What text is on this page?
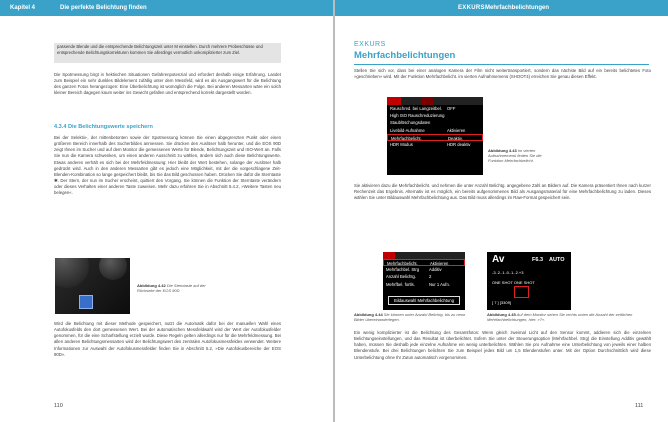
Kapitel 4	Die perfekte Belichtung finden
passende Blende und die entsprechende Belichtungszeit unter M einstellen. Durch mehrere Probeschüsse und entsprechende Belichtungskorrekturen kommen Sie allerdings vermutlich unkomplizierter zum Ziel.

Die Spotmessung birgt in hektischen Situationen Gefahrenpotenzial und erfordert deshalb einige Erfahrung. Landet zum Beispiel ein sehr dunkles Bildelement zufällig unter dem Messfeld, wird es als Ausgangswert für die Belichtung des ganzen Fotos herangezogen: Eine Überbelichtung ist womöglich die Folge. Bei anderen Messarten wäre ein solch kleiner Bereich dagegen kaum weiter ins Gewicht gefallen und entsprechend korrekt dargestellt worden.

4.3.4 Die Belichtungswerte speichern

Bei der Selektiv-, der mittenbetonten sowie der Spotmessung können Sie einen abgegrenzten Punkt oder einen größeren Bereich innerhalb des Sucherbildes anmessen. Sie drücken den Auslöser halb herunter, und die EOS 90D zeigt Ihnen im Sucher und auf dem Monitor die gemessenen Werte für Blende, Belichtungszeit und ISO-Wert an. Falls Sie nun die Kamera schwenken, um einen anderen Ausschnitt zu wählen, ändern sich auch diese Belichtungswerte. Etwas anderes verhält es sich bei der Mehrfeldmessung: Hier bleibt der Wert bestehen, solange der Auslöser halb gedrückt wird. Auch in den anderen Messarten gibt es jedoch eine Möglichkeit, mit der die vorgeschlagene Zeit-Blenden-Kombination so lange gespeichert bleibt, bis Sie das Bild geschossen haben. Drücken Sie dafür die Sterntaste ✱. Der Stern, der nun im Sucher erscheint, quittiert den Vorgang. Sie können die Funktion der Sterntaste verändern oder dieses Verhalten einer anderen Taste zuweisen. Mehr dazu erfahren Sie in Abschnitt 5.4.2, »Weitere Tasten neu belegen«.

Abbildung 4.42 Die Sterntaste auf der Rückseite der EOS 90D

Wird die Belichtung mit dieser Methode gespeichert, nutzt die Automatik dafür bei der manuellen Wahl eines Autofokusfelds den dort gemessenen Wert. Bei der automatischen Messfeldwahl wird der Wert der Autofokusfelder genommen, für die eine Scharfstellung erzielt wurde. Diese Regeln gelten allerdings nur für die Mehrfeldmessung. Bei allen anderen Belichtungsmessarten wird der Belichtungswert des zentralen Autofokusmessfeldes verwendet. Weitere Informationen zur Auswahl der Autofokusmessfelder finden Sie in Abschnitt 5.2, »Die Autofokusbereiche der EOS 90D«.

110
EXKURS Mehrfachbelichtungen
EXKURS
Mehrfachbelichtungen

Stellen Sie sich vor, dass bei einer analogen Kamera der Film nicht weitertransportiert, sondern das nächste Bild auf ein bereits belichtetes Foto »geschrieben« wird. Mit der Funktion Mehrfachbelicht. im vierten Aufnahmemenü (SHOOT4) erreichen Sie genau diesen Effekt.

Rauschred. bei Langzeitbel. OFF
High ISO Rauschreduzierung
Staublöschungsdaten
Livebild-Aufnahme	Aktivieren
Mehrfachbelicht.	Deaktiv.
HDR Modus	HDR deaktiv
Abbildung 4.43 Im vierten Aufnahmemenü finden Sie die Funktion Mehrfachbelicht.

Sie aktivieren dazu die Mehrfachbelicht. und nehmen die unter Anzahl Belichtg. angegebene Zahl an Bildern auf. Die Kamera präsentiert Ihnen nach kurzer Rechenzeit das Ergebnis. Alternativ ist es möglich, ein bereits aufgenommenes Bild als Ausgangsmaterial für eine Mehrfachbelichtung zu laden. Dieses wählen Sie unter Bildauswahl Mehrfachbelichtung aus. Das Bild muss allerdings im Raw-Format gespeichert sein.

Mehrfachbelicht.	Aktivieren
Mehrfachbel. Strg Additiv
Anzahl Belichtg.	2
Mehrfbel. fortls.	Nur 1 Aufn.
Bildauswahl Mehrfachbelichtung
Av	F6.3 AUTO
-3..2..1..0..1..2.+3
ONE SHOT ONE SHOT
[ 7 ] [3309]
Abbildung 4.44 Sie können unter Anzahl Belichtg. bis zu neun Bilder übereinanderlegen.
Abbildung 4.45 Auf dem Monitor sehen Sie rechts unten die Anzahl der zeitlichen Mehrfachbelichtungen, hier: »7«.

Ein wenig komplizierter ist die Belichtung des Gesamtfotos: Wenn gleich zweimal Licht auf den Sensor kommt, addieren sich die einzelnen Belichtungseinstellungen, und das Resultat ist überbelichtet. Sofern Sie unter der Steuerungsoption (Mehrfachbel. Strg) die Einstellung Additiv gewählt haben, müssen Sie deshalb jede einzelne Aufnahme ein wenig unterbelichten. Wählen Sie pro Aufnahme eine Unterbelichtung von jeweils einer halben Blendenstufe. Bei drei Belichtungen belichten Sie zum Beispiel jedes Bild um 1,5 Blendenstufen unter. Mit der Option Durchschnittlich wird diese Unterbelichtung ohne Ihr Zutun automatisch vorgenommen.

111
